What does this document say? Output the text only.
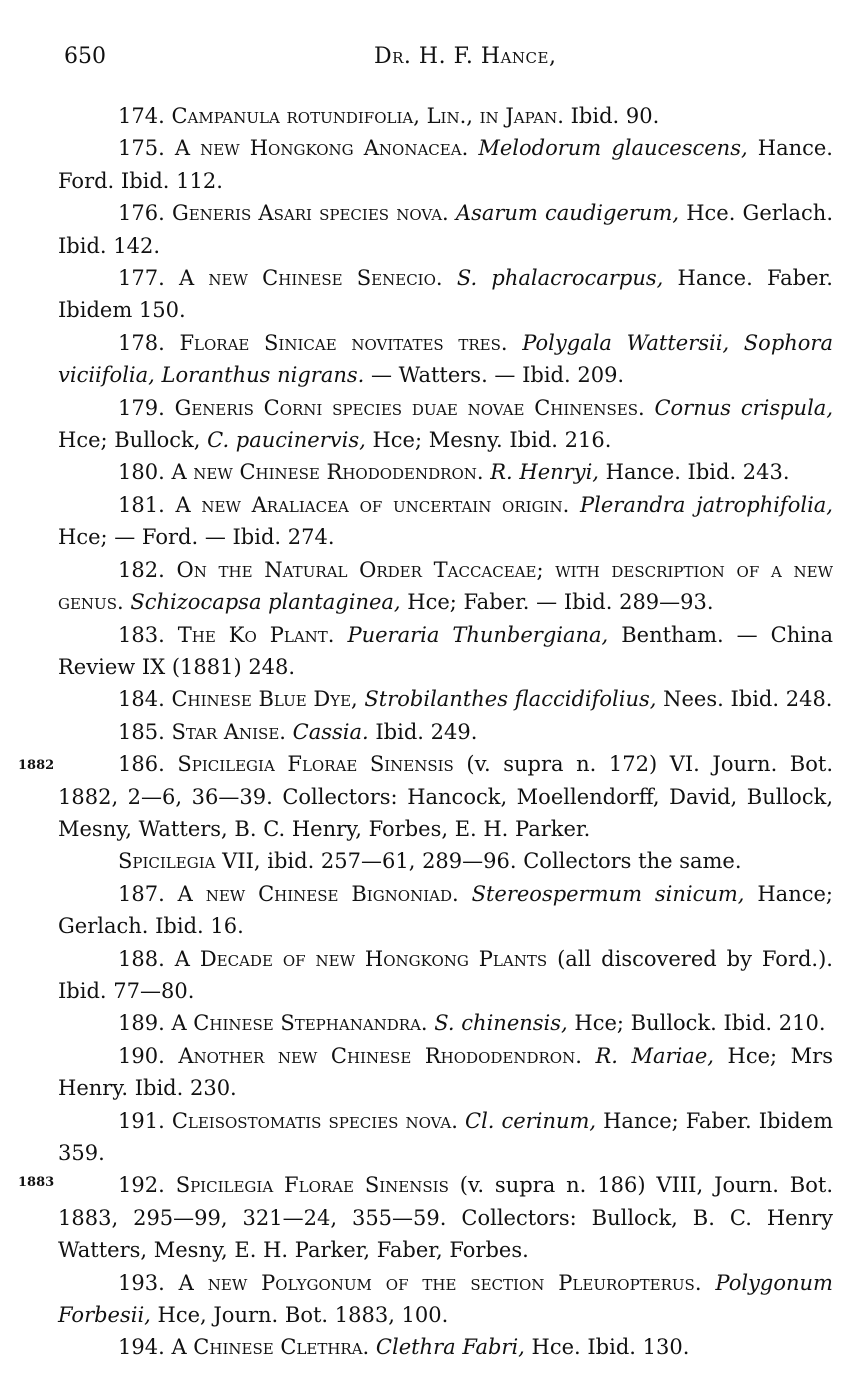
650	Dr. H. F. Hance,
1882
1883

174. Campanula rotundifolia, Lin., in Japan. Ibid. 90.

175. A new Hongkong Anonacea. Melodorum glaucescens, Hance. Ford. Ibid. 112.

176. Generis Asari species nova. Asarum caudigerum, Hce. Gerlach. Ibid. 142.

177. A new Chinese Senecio. S. phalacrocarpus, Hance. Faber. Ibidem 150.

178. Florae Sinicae novitates tres. Polygala Wattersii, Sophora viciifolia, Loranthus nigrans. — Watters. — Ibid. 209.

179. Generis Corni species duae novae Chinenses. Cornus crispula, Hce; Bullock, C. paucinervis, Hce; Mesny. Ibid. 216.

180. A new Chinese Rhododendron. R. Henryi, Hance. Ibid. 243.

181. A new Araliacea of uncertain origin. Plerandra jatrophifolia, Hce; — Ford. — Ibid. 274.

182. On the Natural Order Taccaceae; with description of a new genus. Schizocapsa plantaginea, Hce; Faber. — Ibid. 289—93.

183. The Ko Plant. Pueraria Thunbergiana, Bentham. — China Review IX (1881) 248.

184. Chinese Blue Dye, Strobilanthes flaccidifolius, Nees. Ibid. 248.

185. Star Anise. Cassia. Ibid. 249.

186. Spicilegia Florae Sinensis (v. supra n. 172) VI. Journ. Bot. 1882, 2—6, 36—39. Collectors: Hancock, Moellendorff, David, Bullock, Mesny, Watters, B. C. Henry, Forbes, E. H. Parker.

Spicilegia VII, ibid. 257—61, 289—96. Collectors the same.

187. A new Chinese Bignoniad. Stereospermum sinicum, Hance; Gerlach. Ibid. 16.

188. A Decade of new Hongkong Plants (all discovered by Ford.). Ibid. 77—80.

189. A Chinese Stephanandra. S. chinensis, Hce; Bullock. Ibid. 210.

190. Another new Chinese Rhododendron. R. Mariae, Hce; Mrs Henry. Ibid. 230.

191. Cleisostomatis species nova. Cl. cerinum, Hance; Faber. Ibidem 359.

192. Spicilegia Florae Sinensis (v. supra n. 186) VIII, Journ. Bot. 1883, 295—99, 321—24, 355—59. Collectors: Bullock, B. C. Henry Watters, Mesny, E. H. Parker, Faber, Forbes.

193. A new Polygonum of the section Pleuropterus. Polygonum Forbesii, Hce, Journ. Bot. 1883, 100.

194. A Chinese Clethra. Clethra Fabri, Hce. Ibid. 130.
